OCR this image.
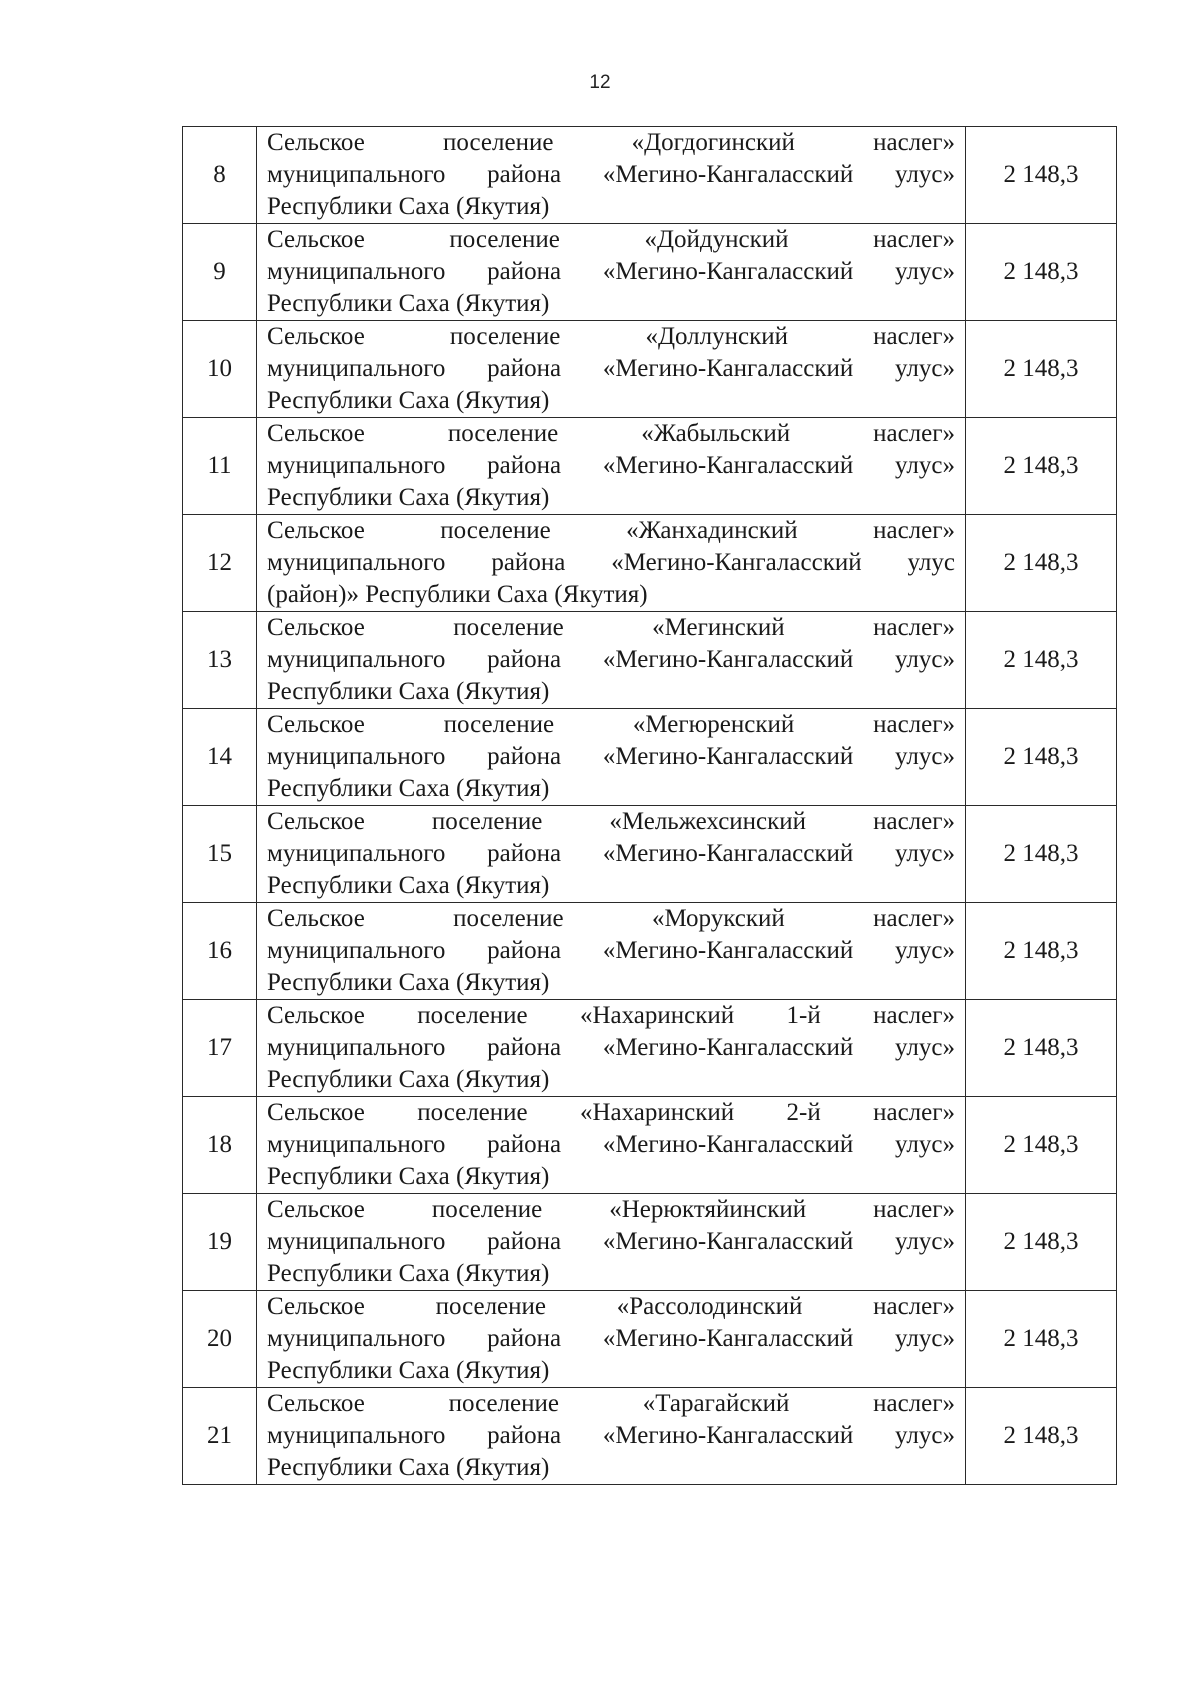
12
8	Сельское поселение «Догдогинский наслег»
муниципального района «Мегино-Кангаласский улус»
Республики Саха (Якутия)	2 148,3
9	Сельское поселение «Дойдунский наслег»
муниципального района «Мегино-Кангаласский улус»
Республики Саха (Якутия)	2 148,3
10	Сельское поселение «Доллунский наслег»
муниципального района «Мегино-Кангаласский улус»
Республики Саха (Якутия)	2 148,3
11	Сельское поселение «Жабыльский наслег»
муниципального района «Мегино-Кангаласский улус»
Республики Саха (Якутия)	2 148,3
12	Сельское поселение «Жанхадинский наслег»
муниципального района «Мегино-Кангаласский улус
(район)» Республики Саха (Якутия)	2 148,3
13	Сельское поселение «Мегинский наслег»
муниципального района «Мегино-Кангаласский улус»
Республики Саха (Якутия)	2 148,3
14	Сельское поселение «Мегюренский наслег»
муниципального района «Мегино-Кангаласский улус»
Республики Саха (Якутия)	2 148,3
15	Сельское поселение «Мельжехсинский наслег»
муниципального района «Мегино-Кангаласский улус»
Республики Саха (Якутия)	2 148,3
16	Сельское поселение «Морукский наслег»
муниципального района «Мегино-Кангаласский улус»
Республики Саха (Якутия)	2 148,3
17	Сельское поселение «Нахаринский 1-й наслег»
муниципального района «Мегино-Кангаласский улус»
Республики Саха (Якутия)	2 148,3
18	Сельское поселение «Нахаринский 2-й наслег»
муниципального района «Мегино-Кангаласский улус»
Республики Саха (Якутия)	2 148,3
19	Сельское поселение «Нерюктяйинский наслег»
муниципального района «Мегино-Кангаласский улус»
Республики Саха (Якутия)	2 148,3
20	Сельское поселение «Рассолодинский наслег»
муниципального района «Мегино-Кангаласский улус»
Республики Саха (Якутия)	2 148,3
21	Сельское поселение «Тарагайский наслег»
муниципального района «Мегино-Кангаласский улус»
Республики Саха (Якутия)	2 148,3
